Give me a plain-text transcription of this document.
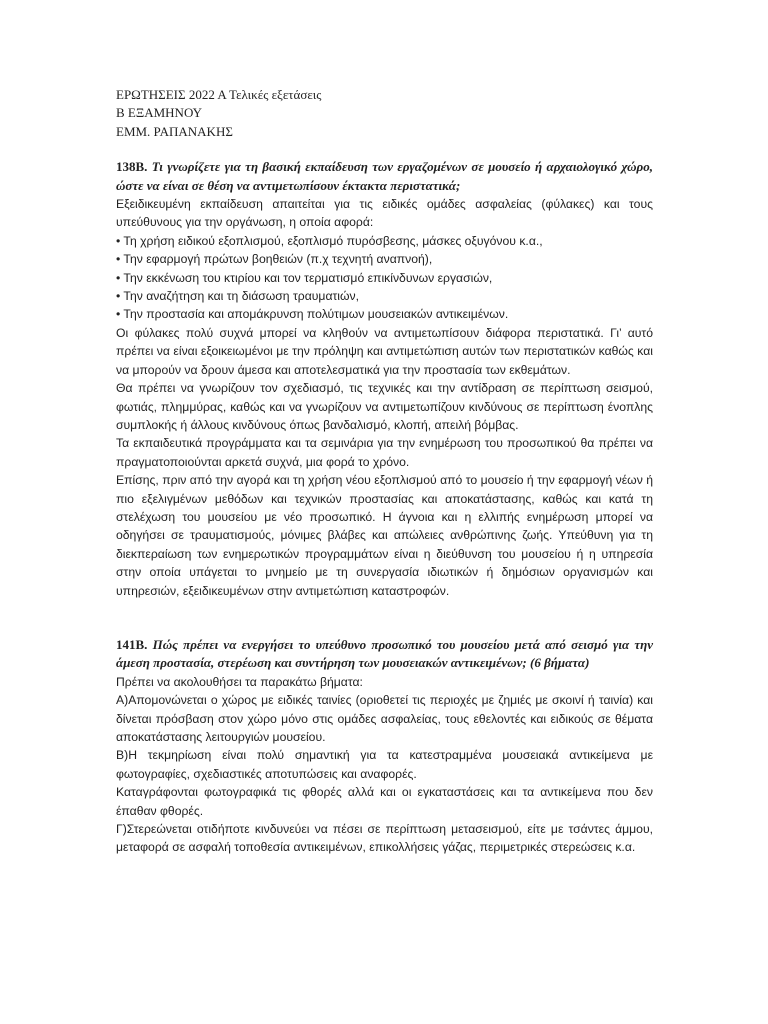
ΕΡΩΤΗΣΕΙΣ 2022 Α Τελικές εξετάσεις

Β ΕΞΑΜΗΝΟΥ

ΕΜΜ. ΡΑΠΑΝΑΚΗΣ

138Β. Τι γνωρίζετε για τη βασική εκπαίδευση των εργαζομένων σε μουσείο ή αρχαιολογικό χώρο, ώστε να είναι σε θέση να αντιμετωπίσουν έκτακτα περιστατικά;

Εξειδικευμένη εκπαίδευση απαιτείται για τις ειδικές ομάδες ασφαλείας (φύλακες) και τους υπεύθυνους για την οργάνωση, η οποία αφορά:

• Τη χρήση ειδικού εξοπλισμού, εξοπλισμό πυρόσβεσης, μάσκες οξυγόνου κ.α.,

• Την εφαρμογή πρώτων βοηθειών (π.χ τεχνητή αναπνοή),

• Την εκκένωση του κτιρίου και τον τερματισμό επικίνδυνων εργασιών,

• Την αναζήτηση και τη διάσωση τραυματιών,

• Την προστασία και απομάκρυνση πολύτιμων μουσειακών αντικειμένων.

Οι φύλακες πολύ συχνά μπορεί να κληθούν να αντιμετωπίσουν διάφορα περιστατικά. Γι’ αυτό πρέπει να είναι εξοικειωμένοι με την πρόληψη και αντιμετώπιση αυτών των περιστατικών καθώς και να μπορούν να δρουν άμεσα και αποτελεσματικά για την προστασία των εκθεμάτων.

Θα πρέπει να γνωρίζουν τον σχεδιασμό, τις τεχνικές και την αντίδραση σε περίπτωση σεισμού, φωτιάς, πλημμύρας, καθώς και να γνωρίζουν να αντιμετωπίζουν κινδύνους σε περίπτωση ένοπλης συμπλοκής ή άλλους κινδύνους όπως βανδαλισμό, κλοπή, απειλή βόμβας.

Τα εκπαιδευτικά προγράμματα και τα σεμινάρια για την ενημέρωση του προσωπικού θα πρέπει να πραγματοποιούνται αρκετά συχνά, μια φορά το χρόνο.

Επίσης, πριν από την αγορά και τη χρήση νέου εξοπλισμού από το μουσείο ή την εφαρμογή νέων ή πιο εξελιγμένων μεθόδων και τεχνικών προστασίας και αποκατάστασης, καθώς και κατά τη στελέχωση του μουσείου με νέο προσωπικό. Η άγνοια και η ελλιπής ενημέρωση μπορεί να οδηγήσει σε τραυματισμούς, μόνιμες βλάβες και απώλειες ανθρώπινης ζωής. Υπεύθυνη για τη διεκπεραίωση των ενημερωτικών προγραμμάτων είναι η διεύθυνση του μουσείου ή η υπηρεσία στην οποία υπάγεται το μνημείο με τη συνεργασία ιδιωτικών ή δημόσιων οργανισμών και υπηρεσιών, εξειδικευμένων στην αντιμετώπιση καταστροφών.

141Β. Πώς πρέπει να ενεργήσει το υπεύθυνο προσωπικό του μουσείου μετά από σεισμό για την άμεση προστασία, στερέωση και συντήρηση των μουσειακών αντικειμένων; (6 βήματα)

Πρέπει να ακολουθήσει τα παρακάτω βήματα:

Α)Απομονώνεται ο χώρος με ειδικές ταινίες (οριοθετεί τις περιοχές με ζημιές με σκοινί ή ταινία) και δίνεται πρόσβαση στον χώρο μόνο στις ομάδες ασφαλείας, τους εθελοντές και ειδικούς σε θέματα αποκατάστασης λειτουργιών μουσείου.

Β)Η τεκμηρίωση είναι πολύ σημαντική για τα κατεστραμμένα μουσειακά αντικείμενα με φωτογραφίες, σχεδιαστικές αποτυπώσεις και αναφορές.

Καταγράφονται φωτογραφικά τις φθορές αλλά και οι εγκαταστάσεις και τα αντικείμενα που δεν έπαθαν φθορές.

Γ)Στερεώνεται οτιδήποτε κινδυνεύει να πέσει σε περίπτωση μετασεισμού, είτε με τσάντες άμμου, μεταφορά σε ασφαλή τοποθεσία αντικειμένων, επικολλήσεις γάζας, περιμετρικές στερεώσεις κ.α.
